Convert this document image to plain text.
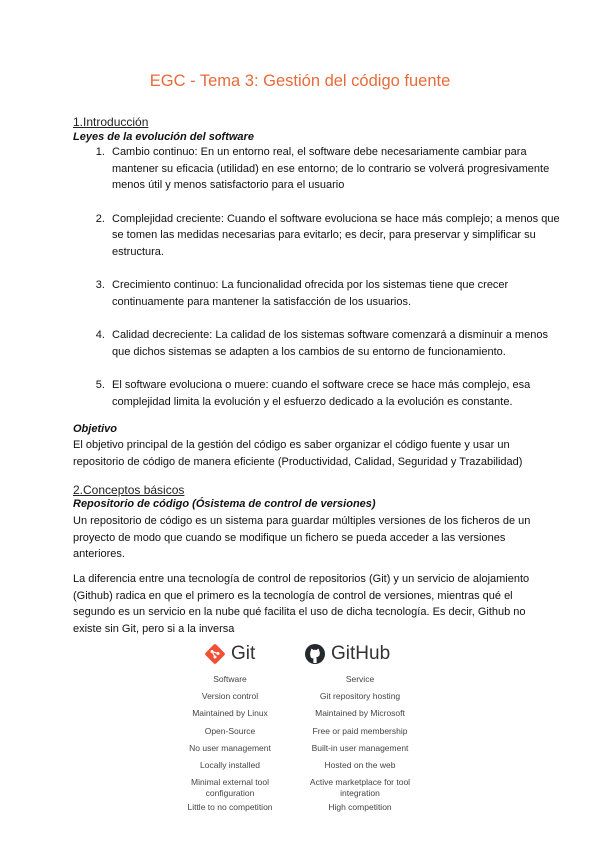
EGC - Tema 3: Gestión del código fuente
1.Introducción
Leyes de la evolución del software
1. Cambio continuo: En un entorno real, el software debe necesariamente cambiar para mantener su eficacia (utilidad) en ese entorno; de lo contrario se volverá progresivamente menos útil y menos satisfactorio para el usuario
2. Complejidad creciente: Cuando el software evoluciona se hace más complejo; a menos que se tomen las medidas necesarias para evitarlo; es decir, para preservar y simplificar su estructura.
3. Crecimiento continuo: La funcionalidad ofrecida por los sistemas tiene que crecer continuamente para mantener la satisfacción de los usuarios.
4. Calidad decreciente: La calidad de los sistemas software comenzará a disminuir a menos que dichos sistemas se adapten a los cambios de su entorno de funcionamiento.
5. El software evoluciona o muere: cuando el software crece se hace más complejo, esa complejidad limita la evolución y el esfuerzo dedicado a la evolución es constante.
Objetivo
El objetivo principal de la gestión del código es saber organizar el código fuente y usar un repositorio de código de manera eficiente (Productividad, Calidad, Seguridad y Trazabilidad)
2.Conceptos básicos
Repositorio de código (Ósistema de control de versiones)
Un repositorio de código es un sistema para guardar múltiples versiones de los ficheros de un proyecto de modo que cuando se modifique un fichero se pueda acceder a las versiones anteriores.
La diferencia entre una tecnología de control de repositorios (Git) y un servicio de alojamiento (Github) radica en que el primero es la tecnología de control de versiones, mientras qué el segundo es un servicio en la nube qué facilita el uso de dicha tecnología. Es decir, Github no existe sin Git, pero si a la inversa
Git	GitHub
Software
Version control
Maintained by Linux
Open-Source
No user management
Locally installed
Minimal external tool configuration
Little to no competition
Service
Git repository hosting
Maintained by Microsoft
Free or paid membership
Built-in user management
Hosted on the web
Active marketplace for tool integration
High competition
